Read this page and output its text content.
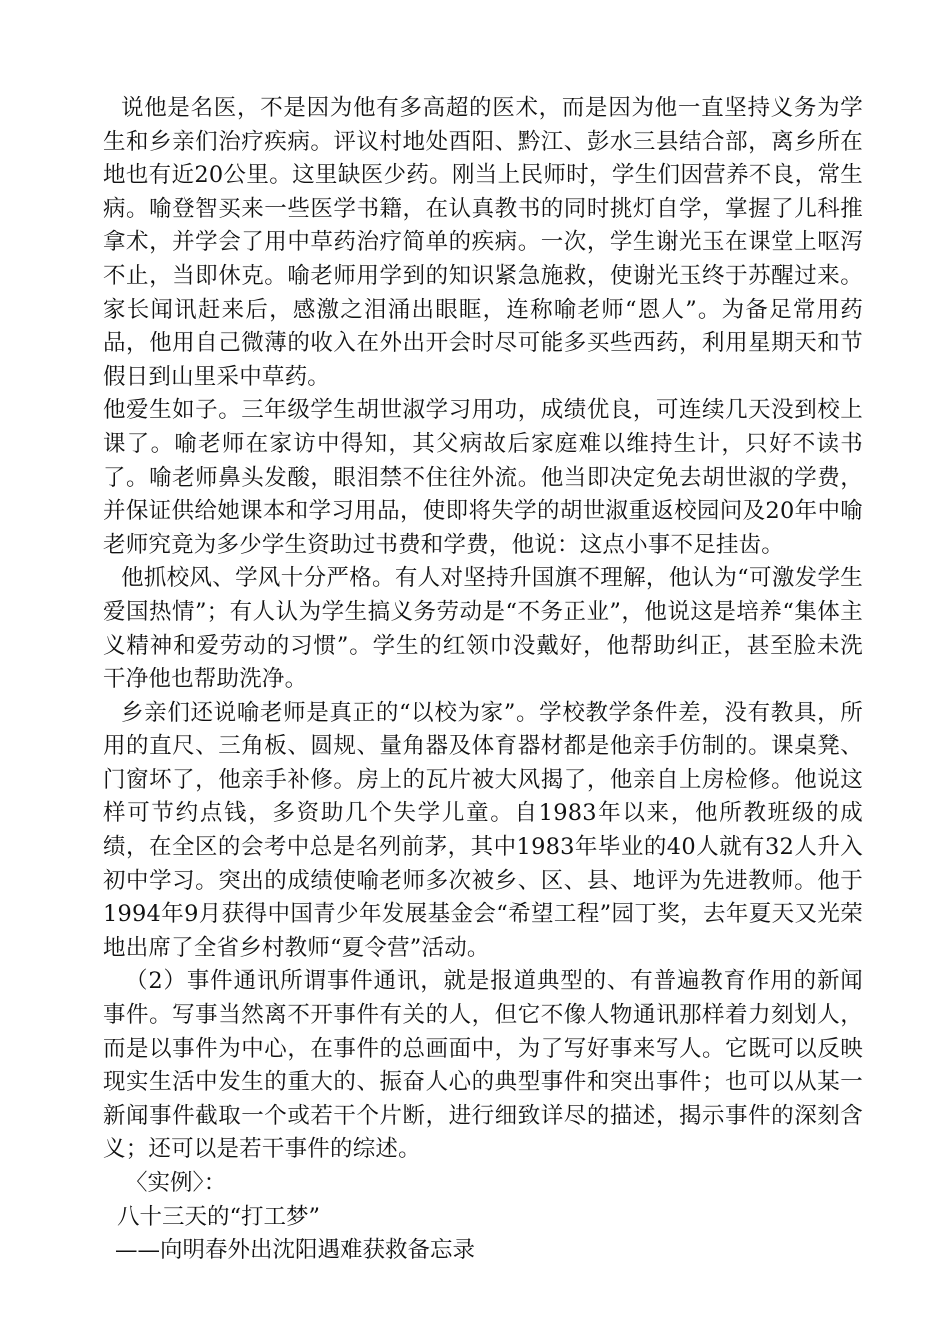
说他是名医，不是因为他有多高超的医术，而是因为他一直坚持义务为学生和乡亲们治疗疾病。评议村地处酉阳、黔江、彭水三县结合部，离乡所在地也有近20公里。这里缺医少药。刚当上民师时，学生们因营养不良，常生病。喻登智买来一些医学书籍，在认真教书的同时挑灯自学，掌握了儿科推拿术，并学会了用中草药治疗简单的疾病。一次，学生谢光玉在课堂上呕泻不止，当即休克。喻老师用学到的知识紧急施救，使谢光玉终于苏醒过来。家长闻讯赶来后，感激之泪涌出眼眶，连称喻老师“恩人”。为备足常用药品，他用自己微薄的收入在外出开会时尽可能多买些西药，利用星期天和节假日到山里采中草药。

他爱生如子。三年级学生胡世淑学习用功，成绩优良，可连续几天没到校上课了。喻老师在家访中得知，其父病故后家庭难以维持生计，只好不读书了。喻老师鼻头发酸，眼泪禁不住往外流。他当即决定免去胡世淑的学费，并保证供给她课本和学习用品，使即将失学的胡世淑重返校园问及20年中喻老师究竟为多少学生资助过书费和学费，他说：这点小事不足挂齿。

他抓校风、学风十分严格。有人对坚持升国旗不理解，他认为“可激发学生爱国热情”；有人认为学生搞义务劳动是“不务正业”，他说这是培养“集体主义精神和爱劳动的习惯”。学生的红领巾没戴好，他帮助纠正，甚至脸未洗干净他也帮助洗净。

乡亲们还说喻老师是真正的“以校为家”。学校教学条件差，没有教具，所用的直尺、三角板、圆规、量角器及体育器材都是他亲手仿制的。课桌凳、门窗坏了，他亲手补修。房上的瓦片被大风揭了，他亲自上房检修。他说这样可节约点钱，多资助几个失学儿童。自1983年以来，他所教班级的成绩，在全区的会考中总是名列前茅，其中1983年毕业的40人就有32人升入初中学习。突出的成绩使喻老师多次被乡、区、县、地评为先进教师。他于1994年9月获得中国青少年发展基金会“希望工程”园丁奖，去年夏天又光荣地出席了全省乡村教师“夏令营”活动。

（2）事件通讯所谓事件通讯，就是报道典型的、有普遍教育作用的新闻事件。写事当然离不开事件有关的人，但它不像人物通讯那样着力刻划人，而是以事件为中心，在事件的总画面中，为了写好事来写人。它既可以反映现实生活中发生的重大的、振奋人心的典型事件和突出事件；也可以从某一新闻事件截取一个或若干个片断，进行细致详尽的描述，揭示事件的深刻含义；还可以是若干事件的综述。

〈实例〉：

八十三天的“打工梦”

——向明春外出沈阳遇难获救备忘录
